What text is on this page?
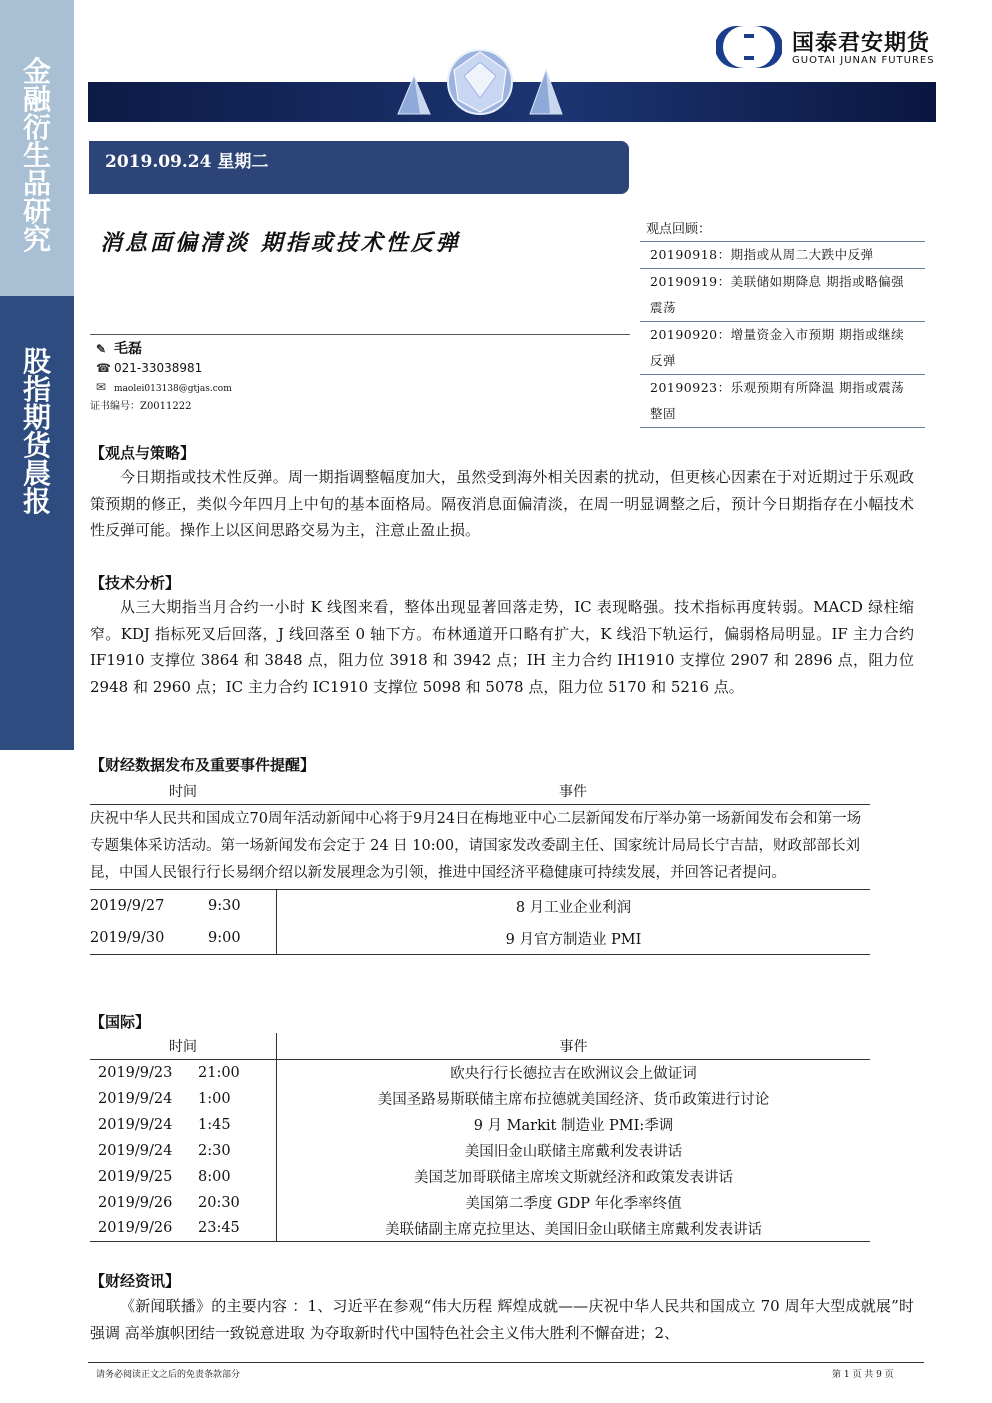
金
融
衍
生
品
研
究
股
指
期
货
晨
报
国泰君安期货
GUOTAI JUNAN FUTURES
2019.09.24 星期二
消息面偏清淡 期指或技术性反弹
✎ 毛磊
☎ 021-33038981
✉ maolei013138@gtjas.com
证书编号：Z0011222
观点回顾：
20190918：期指或从周二大跌中反弹
20190919：美联储如期降息 期指或略偏强震荡
20190920：增量资金入市预期 期指或继续反弹
20190923：乐观预期有所降温 期指或震荡整固
【观点与策略】
今日期指或技术性反弹。周一期指调整幅度加大，虽然受到海外相关因素的扰动，但更核心因素在于对近期过于乐观政策预期的修正，类似今年四月上中旬的基本面格局。隔夜消息面偏清淡，在周一明显调整之后，预计今日期指存在小幅技术性反弹可能。操作上以区间思路交易为主，注意止盈止损。
【技术分析】
从三大期指当月合约一小时 K 线图来看，整体出现显著回落走势，IC 表现略强。技术指标再度转弱。MACD 绿柱缩窄。KDJ 指标死叉后回落，J 线回落至 0 轴下方。布林通道开口略有扩大，K 线沿下轨运行，偏弱格局明显。IF 主力合约 IF1910 支撑位 3864 和 3848 点，阻力位 3918 和 3942 点；IH 主力合约 IH1910 支撑位 2907 和 2896 点，阻力位 2948 和 2960 点；IC 主力合约 IC1910 支撑位 5098 和 5078 点，阻力位 5170 和 5216 点。
【财经数据发布及重要事件提醒】
时间	事件
庆祝中华人民共和国成立70周年活动新闻中心将于9月24日在梅地亚中心二层新闻发布厅举办第一场新闻发布会和第一场专题集体采访活动。第一场新闻发布会定于 24 日 10:00，请国家发改委副主任、国家统计局局长宁吉喆，财政部部长刘昆，中国人民银行行长易纲介绍以新发展理念为引领，推进中国经济平稳健康可持续发展，并回答记者提问。
2019/9/27	9:30	8 月工业企业利润
2019/9/30	9:00	9 月官方制造业 PMI
【国际】
时间	事件
2019/9/23 21:00	欧央行行长德拉吉在欧洲议会上做证词
2019/9/24 1:00	美国圣路易斯联储主席布拉德就美国经济、货币政策进行讨论
2019/9/24 1:45	9 月 Markit 制造业 PMI:季调
2019/9/24 2:30	美国旧金山联储主席戴利发表讲话
2019/9/25 8:00	美国芝加哥联储主席埃文斯就经济和政策发表讲话
2019/9/26 20:30	美国第二季度 GDP 年化季率终值
2019/9/26 23:45	美联储副主席克拉里达、美国旧金山联储主席戴利发表讲话
【财经资讯】
《新闻联播》的主要内容 ：1、习近平在参观“伟大历程 辉煌成就——庆祝中华人民共和国成立 70 周年大型成就展”时强调 高举旗帜团结一致锐意进取 为夺取新时代中国特色社会主义伟大胜利不懈奋进；2、
请务必阅读正文之后的免责条款部分	第 1 页 共 9 页
